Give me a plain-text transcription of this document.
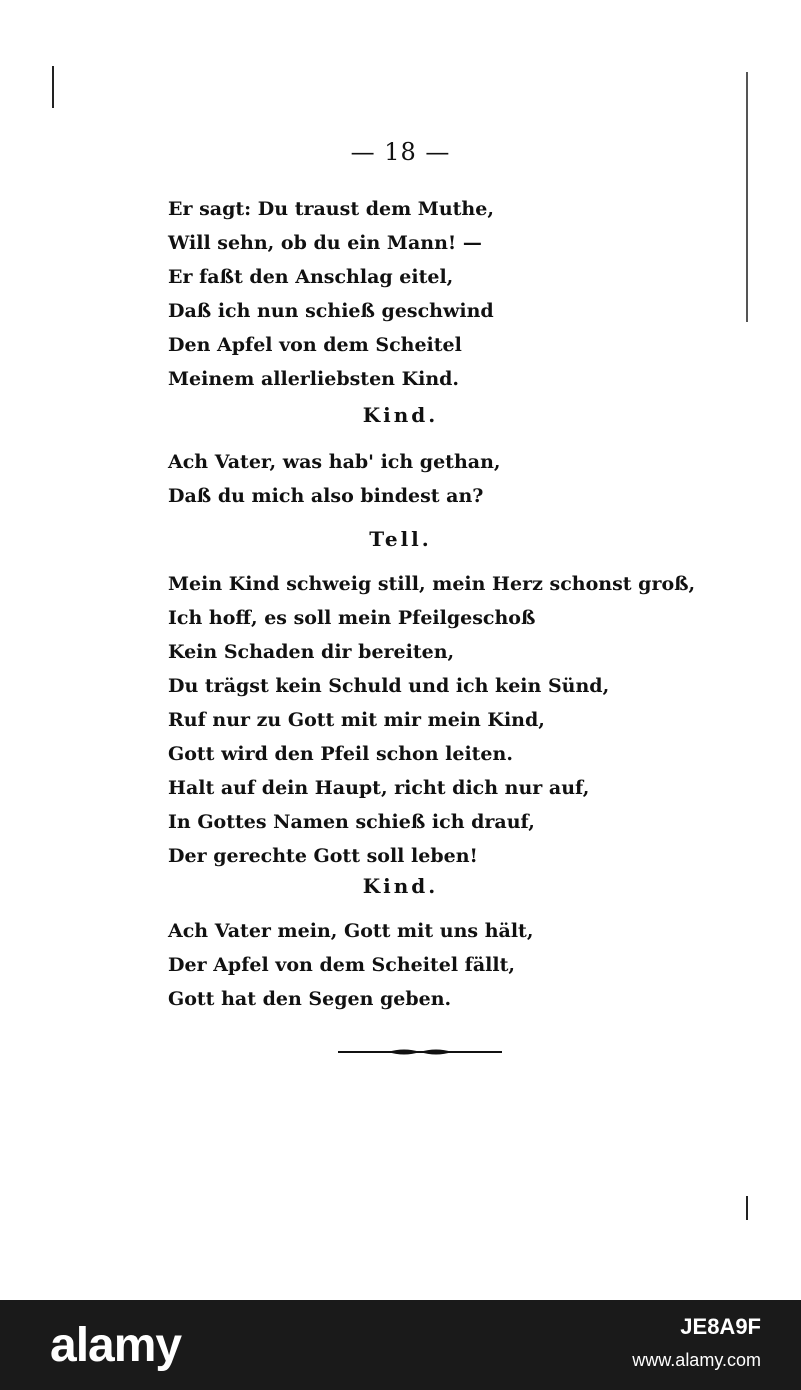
— 18 —
Er sagt: Du traust dem Muthe,
Will sehn, ob du ein Mann! —
Er faßt den Anschlag eitel,
Daß ich nun schieß geschwind
Den Apfel von dem Scheitel
Meinem allerliebsten Kind.
Kind.
Ach Vater, was hab' ich gethan,
Daß du mich also bindest an?
Tell.
Mein Kind schweig still, mein Herz schonst groß,
Ich hoff, es soll mein Pfeilgeschoß
Kein Schaden dir bereiten,
Du trägst kein Schuld und ich kein Sünd,
Ruf nur zu Gott mit mir mein Kind,
Gott wird den Pfeil schon leiten.
Halt auf dein Haupt, richt dich nur auf,
In Gottes Namen schieß ich drauf,
Der gerechte Gott soll leben!
Kind.
Ach Vater mein, Gott mit uns hält,
Der Apfel von dem Scheitel fällt,
Gott hat den Segen geben.
alamy	JE8A9F
www.alamy.com
